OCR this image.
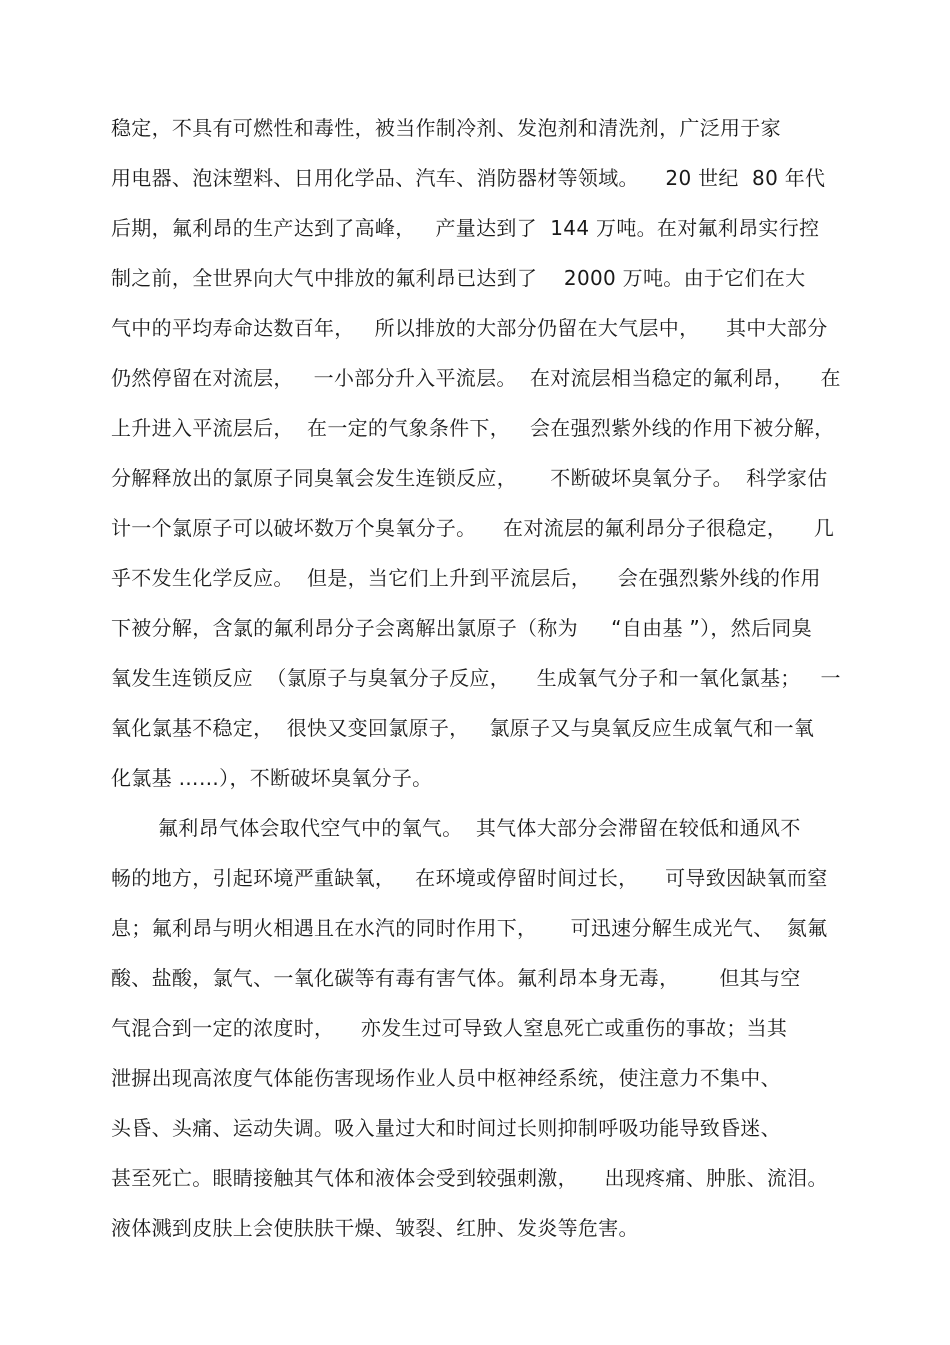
稳定，不具有可燃性和毒性，被当作制冷剂、发泡剂和清洗剂，广泛用于家
用电器、泡沫塑料、日用化学品、汽车、消防器材等领域。    20 世纪  80 年代
后期，氟利昂的生产达到了高峰，   产量达到了  144 万吨。在对氟利昂实行控
制之前，全世界向大气中排放的氟利昂已达到了    2000 万吨。由于它们在大
气中的平均寿命达数百年，   所以排放的大部分仍留在大气层中，    其中大部分
仍然停留在对流层，   一小部分升入平流层。  在对流层相当稳定的氟利昂，    在
上升进入平流层后，  在一定的气象条件下，   会在强烈紫外线的作用下被分解，
分解释放出的氯原子同臭氧会发生连锁反应，     不断破坏臭氧分子。  科学家估
计一个氯原子可以破坏数万个臭氧分子。    在对流层的氟利昂分子很稳定，    几
乎不发生化学反应。  但是，当它们上升到平流层后，    会在强烈紫外线的作用
下被分解，含氯的氟利昂分子会离解出氯原子（称为     “自由基 ”），然后同臭
氧发生连锁反应  （氯原子与臭氧分子反应，    生成氧气分子和一氧化氯基；   一
氧化氯基不稳定，  很快又变回氯原子，   氯原子又与臭氧反应生成氧气和一氧
化氯基 ……），不断破坏臭氧分子。
氟利昂气体会取代空气中的氧气。  其气体大部分会滞留在较低和通风不
畅的地方，引起环境严重缺氧，   在环境或停留时间过长，    可导致因缺氧而窒
息；氟利昂与明火相遇且在水汽的同时作用下，     可迅速分解生成光气、  氮氟
酸、盐酸，氯气、一氧化碳等有毒有害气体。氟利昂本身无毒，      但其与空
气混合到一定的浓度时，    亦发生过可导致人窒息死亡或重伤的事故；当其
泄摒出现高浓度气体能伤害现场作业人员中枢神经系统，使注意力不集中、
头昏、头痛、运动失调。吸入量过大和时间过长则抑制呼吸功能导致昏迷、
甚至死亡。眼睛接触其气体和液体会受到较强刺激，    出现疼痛、肿胀、流泪。
液体溅到皮肤上会使肤肤干燥、皱裂、红肿、发炎等危害。
